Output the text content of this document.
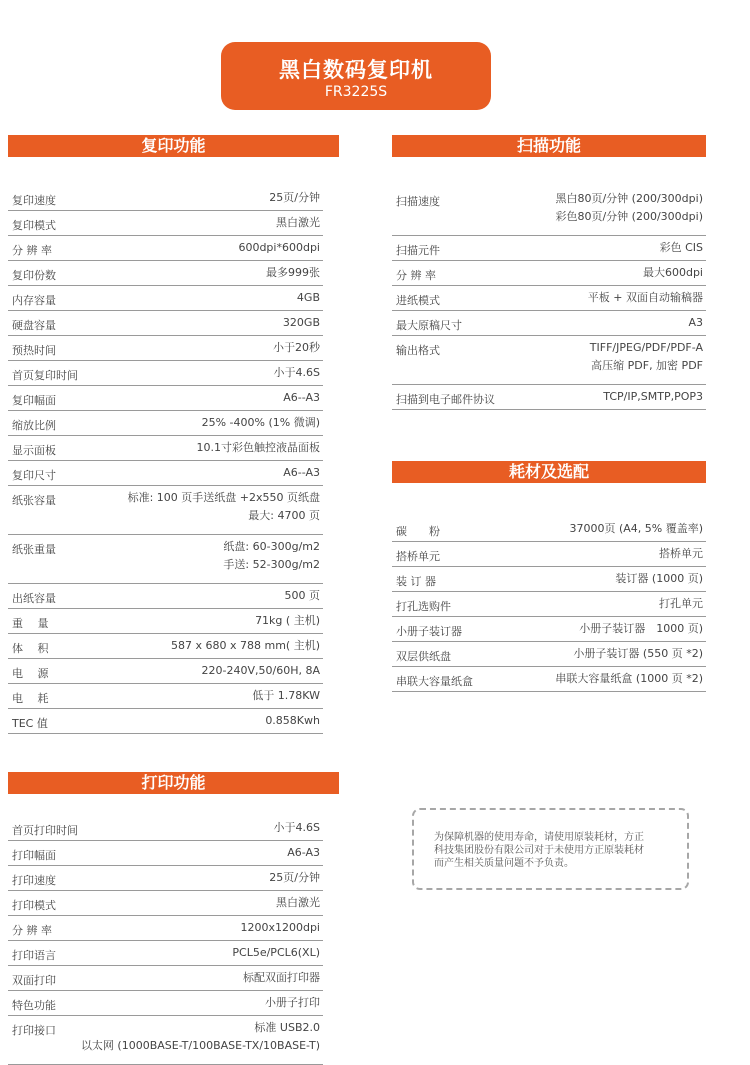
黑白数码复印机
FR3225S
复印功能
复印速度	25页/分钟
复印模式	黑白激光
分 辨 率	600dpi*600dpi
复印份数	最多999张
内存容量	4GB
硬盘容量	320GB
预热时间	小于20秒
首页复印时间	小于4.6S
复印幅面	A6--A3
缩放比例	25% -400% (1% 微调)
显示面板	10.1寸彩色触控液晶面板
复印尺寸	A6--A3
纸张容量	标准: 100 页手送纸盘 +2x550 页纸盘
最大: 4700 页
纸张重量	纸盘: 60-300g/m2
手送: 52-300g/m2
出纸容量	500 页
重　 量	71kg ( 主机)
体　 积	587 x 680 x 788 mm( 主机)
电　 源	220-240V,50/60H, 8A
电　 耗	低于 1.78KW
TEC 值	0.858Kwh
扫描功能
扫描速度	黑白80页/分钟 (200/300dpi)
彩色80页/分钟 (200/300dpi)
扫描元件	彩色 CIS
分 辨 率	最大600dpi
进纸模式	平板 + 双面自动输稿器
最大原稿尺寸	A3
输出格式	TIFF/JPEG/PDF/PDF-A
高压缩 PDF, 加密 PDF
扫描到电子邮件协议	TCP/IP,SMTP,POP3
耗材及选配
碳　　粉	37000页 (A4, 5% 覆盖率)
搭桥单元	搭桥单元
装 订 器	装订器 (1000 页)
打孔选购件	打孔单元
小册子装订器	小册子装订器　1000 页)
双层供纸盘	小册子装订器 (550 页 *2)
串联大容量纸盒	串联大容量纸盒 (1000 页 *2)
打印功能
首页打印时间	小于4.6S
打印幅面	A6-A3
打印速度	25页/分钟
打印模式	黑白激光
分 辨 率	1200x1200dpi
打印语言	PCL5e/PCL6(XL)
双面打印	标配双面打印器
特色功能	小册子打印
打印接口	标准 USB2.0
以太网 (1000BASE-T/100BASE-TX/10BASE-T)
为保障机器的使用寿命，请使用原装耗材，方正
科技集团股份有限公司对于未使用方正原装耗材
而产生相关质量问题不予负责。
